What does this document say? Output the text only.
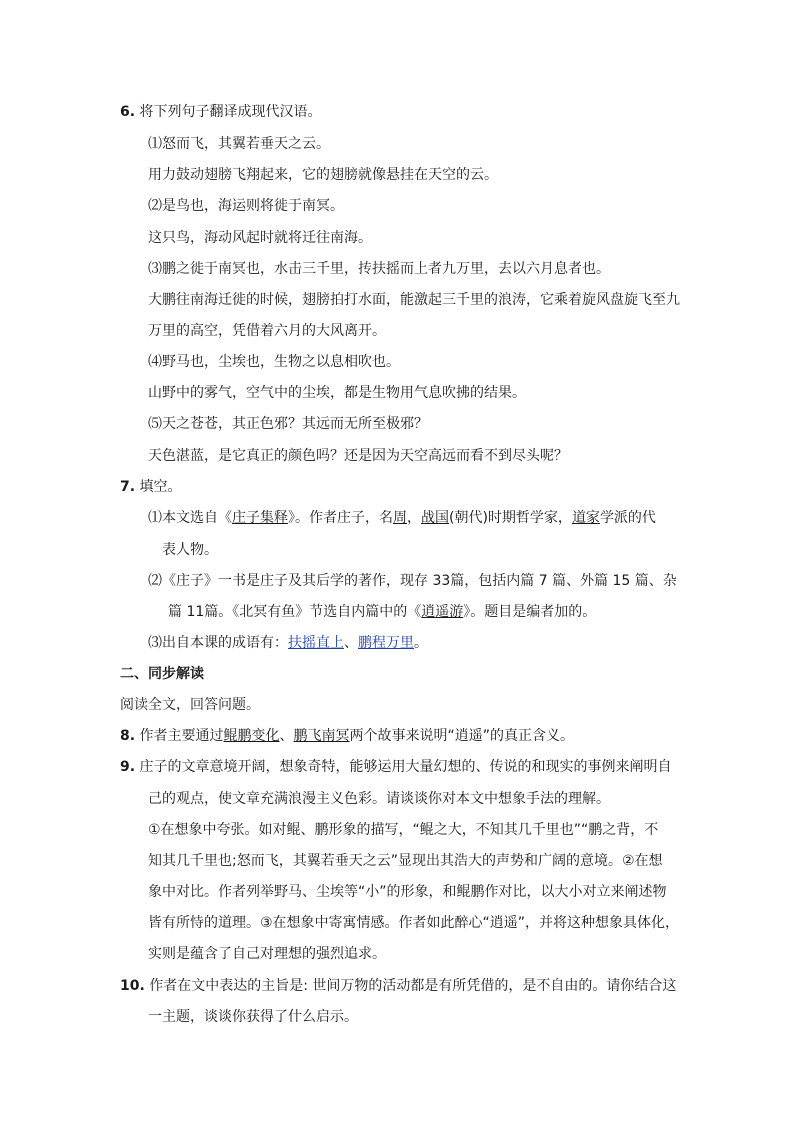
6. 将下列句子翻译成现代汉语。
⑴怒而飞，其翼若垂天之云。
用力鼓动翅膀飞翔起来，它的翅膀就像悬挂在天空的云。
⑵是鸟也，海运则将徙于南冥。
这只鸟，海动风起时就将迁往南海。
⑶鹏之徙于南冥也，水击三千里，抟扶摇而上者九万里，去以六月息者也。
大鹏往南海迁徙的时候，翅膀拍打水面，能激起三千里的浪涛，它乘着旋风盘旋飞至九
万里的高空，凭借着六月的大风离开。
⑷野马也，尘埃也，生物之以息相吹也。
山野中的雾气，空气中的尘埃，都是生物用气息吹拂的结果。
⑸天之苍苍，其正色邪？其远而无所至极邪？
天色湛蓝，是它真正的颜色吗？还是因为天空高远而看不到尽头呢？
7. 填空。
⑴本文选自《庄子集释》。作者庄子，名周，战国(朝代)时期哲学家，道家学派的代
表人物。
⑵《庄子》一书是庄子及其后学的著作，现存 33篇，包括内篇 7 篇、外篇 15 篇、杂
篇 11篇。《北冥有鱼》节选自内篇中的《逍遥游》。题目是编者加的。
⑶出自本课的成语有：扶摇直上、鹏程万里。
二、同步解读
阅读全文，回答问题。
8. 作者主要通过鲲鹏变化、鹏飞南冥两个故事来说明“逍遥”的真正含义。
9. 庄子的文章意境开阔，想象奇特，能够运用大量幻想的、传说的和现实的事例来阐明自
己的观点，使文章充满浪漫主义色彩。请谈谈你对本文中想象手法的理解。
①在想象中夸张。如对鲲、鹏形象的描写，“鲲之大，不知其几千里也”“鹏之背，不
知其几千里也;怒而飞，其翼若垂天之云”显现出其浩大的声势和广阔的意境。②在想
象中对比。作者列举野马、尘埃等“小”的形象，和鲲鹏作对比，以大小对立来阐述物
皆有所恃的道理。③在想象中寄寓情感。作者如此醉心“逍遥”，并将这种想象具体化，
实则是蕴含了自己对理想的强烈追求。
10. 作者在文中表达的主旨是: 世间万物的活动都是有所凭借的，是不自由的。请你结合这
一主题，谈谈你获得了什么启示。
